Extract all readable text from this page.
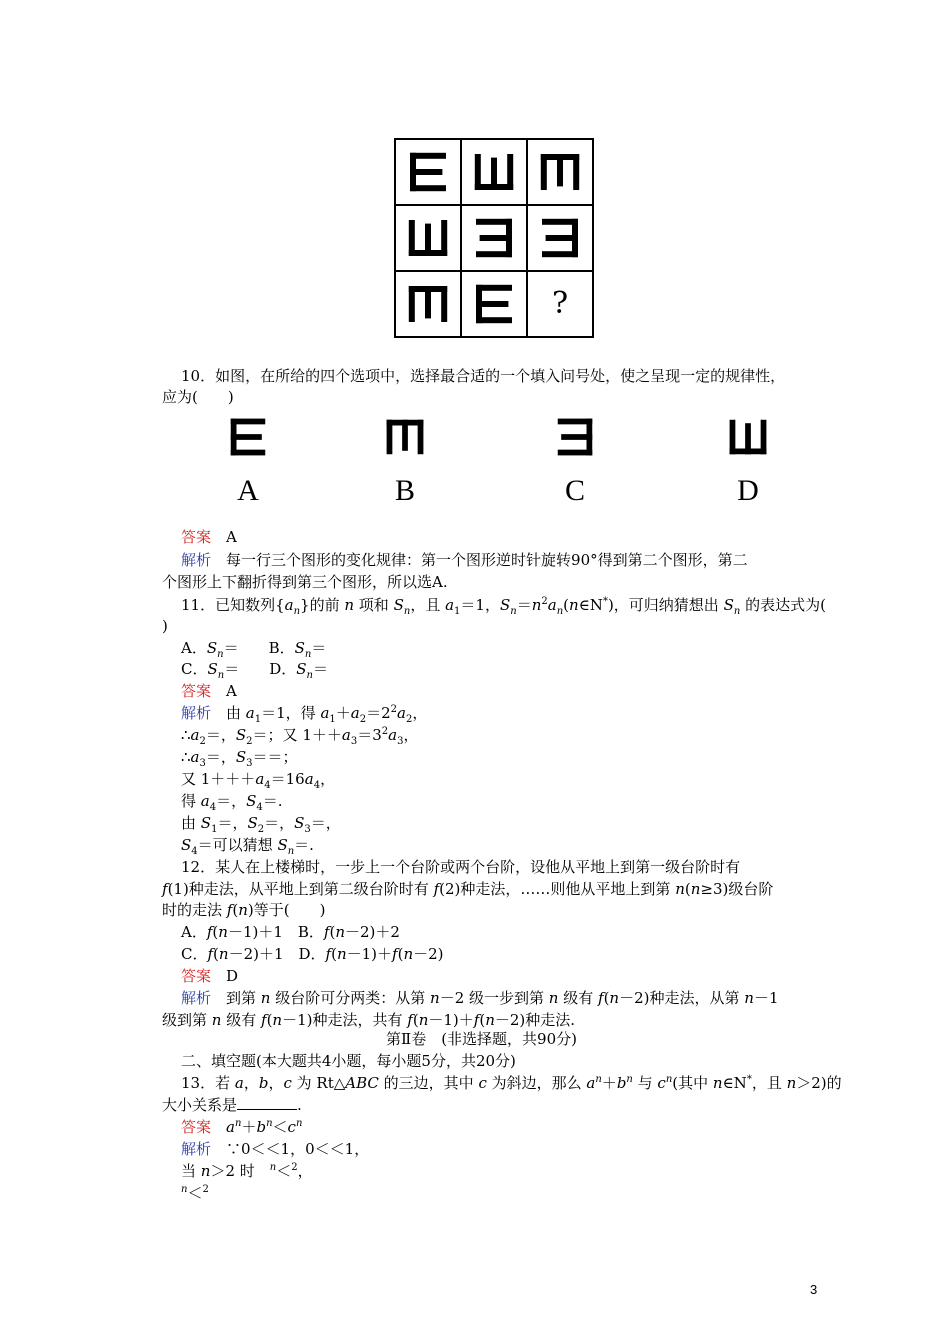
?
10．如图，在所给的四个选项中，选择最合适的一个填入问号处，使之呈现一定的规律性，
应为(　　)
A	B	C	D
答案　 A
解析　 每一行三个图形的变化规律：第一个图形逆时针旋转90°得到第二个图形，第二
个图形上下翻折得到第三个图形，所以选A.
11．已知数列$\{a_n\}$的前 n 项和 $S_n$，且 $a_1=1$，$S_n=n^2a_n(n\in N^*)$，可归纳猜想出 $S_n$ 的表达式为(
)
A．$S_n=$　　B．$S_n=$
C．$S_n=$　　D．$S_n=$
答案　 A
解析　由 $a_1=1$，得 $a_1+a_2=2^2a_2$，
$\therefore a_2=$，$S_2=$；又 $1++a_3=3^2a_3$，
$\therefore a_3=$，$S_3==$；
又 $1+++a_4=16a_4$，
得 $a_4=$，$S_4=$.
由 $S_1=$，$S_2=$，$S_3=$，
$S_4=$可以猜想 $S_n=$.
12．某人在上楼梯时，一步上一个台阶或两个台阶，设他从平地上到第一级台阶时有
f(1)种走法，从平地上到第二级台阶时有 f(2)种走法，……则他从平地上到第 n(n≥3)级台阶
时的走法 f(n)等于(　　)
A．f(n－1)＋1　B．f(n－2)＋2
C．f(n－2)＋1　D．f(n－1)＋f(n－2)
答案　 D
解析　到第 n 级台阶可分两类：从第 n－2 级一步到第 n 级有 f(n－2)种走法，从第 n－1
级到第 n 级有 f(n－1)种走法，共有 f(n－1)＋f(n－2)种走法.
第Ⅱ卷　(非选择题，共90分)
二、填空题(本大题共4小题，每小题5分，共20分)
13．若 a，b，c 为 Rt△ABC 的三边，其中 c 为斜边，那么 $a^n+b^n$ 与 $c^n$(其中 n∈N*，且 n＞2)的
大小关系是	.
答案　 $a^n+b^n<c^n$
解析　∵0＜＜1，0＜＜1，
当 n＞2 时　$^n$＜$^2$，
$^n$＜$^2$
3
